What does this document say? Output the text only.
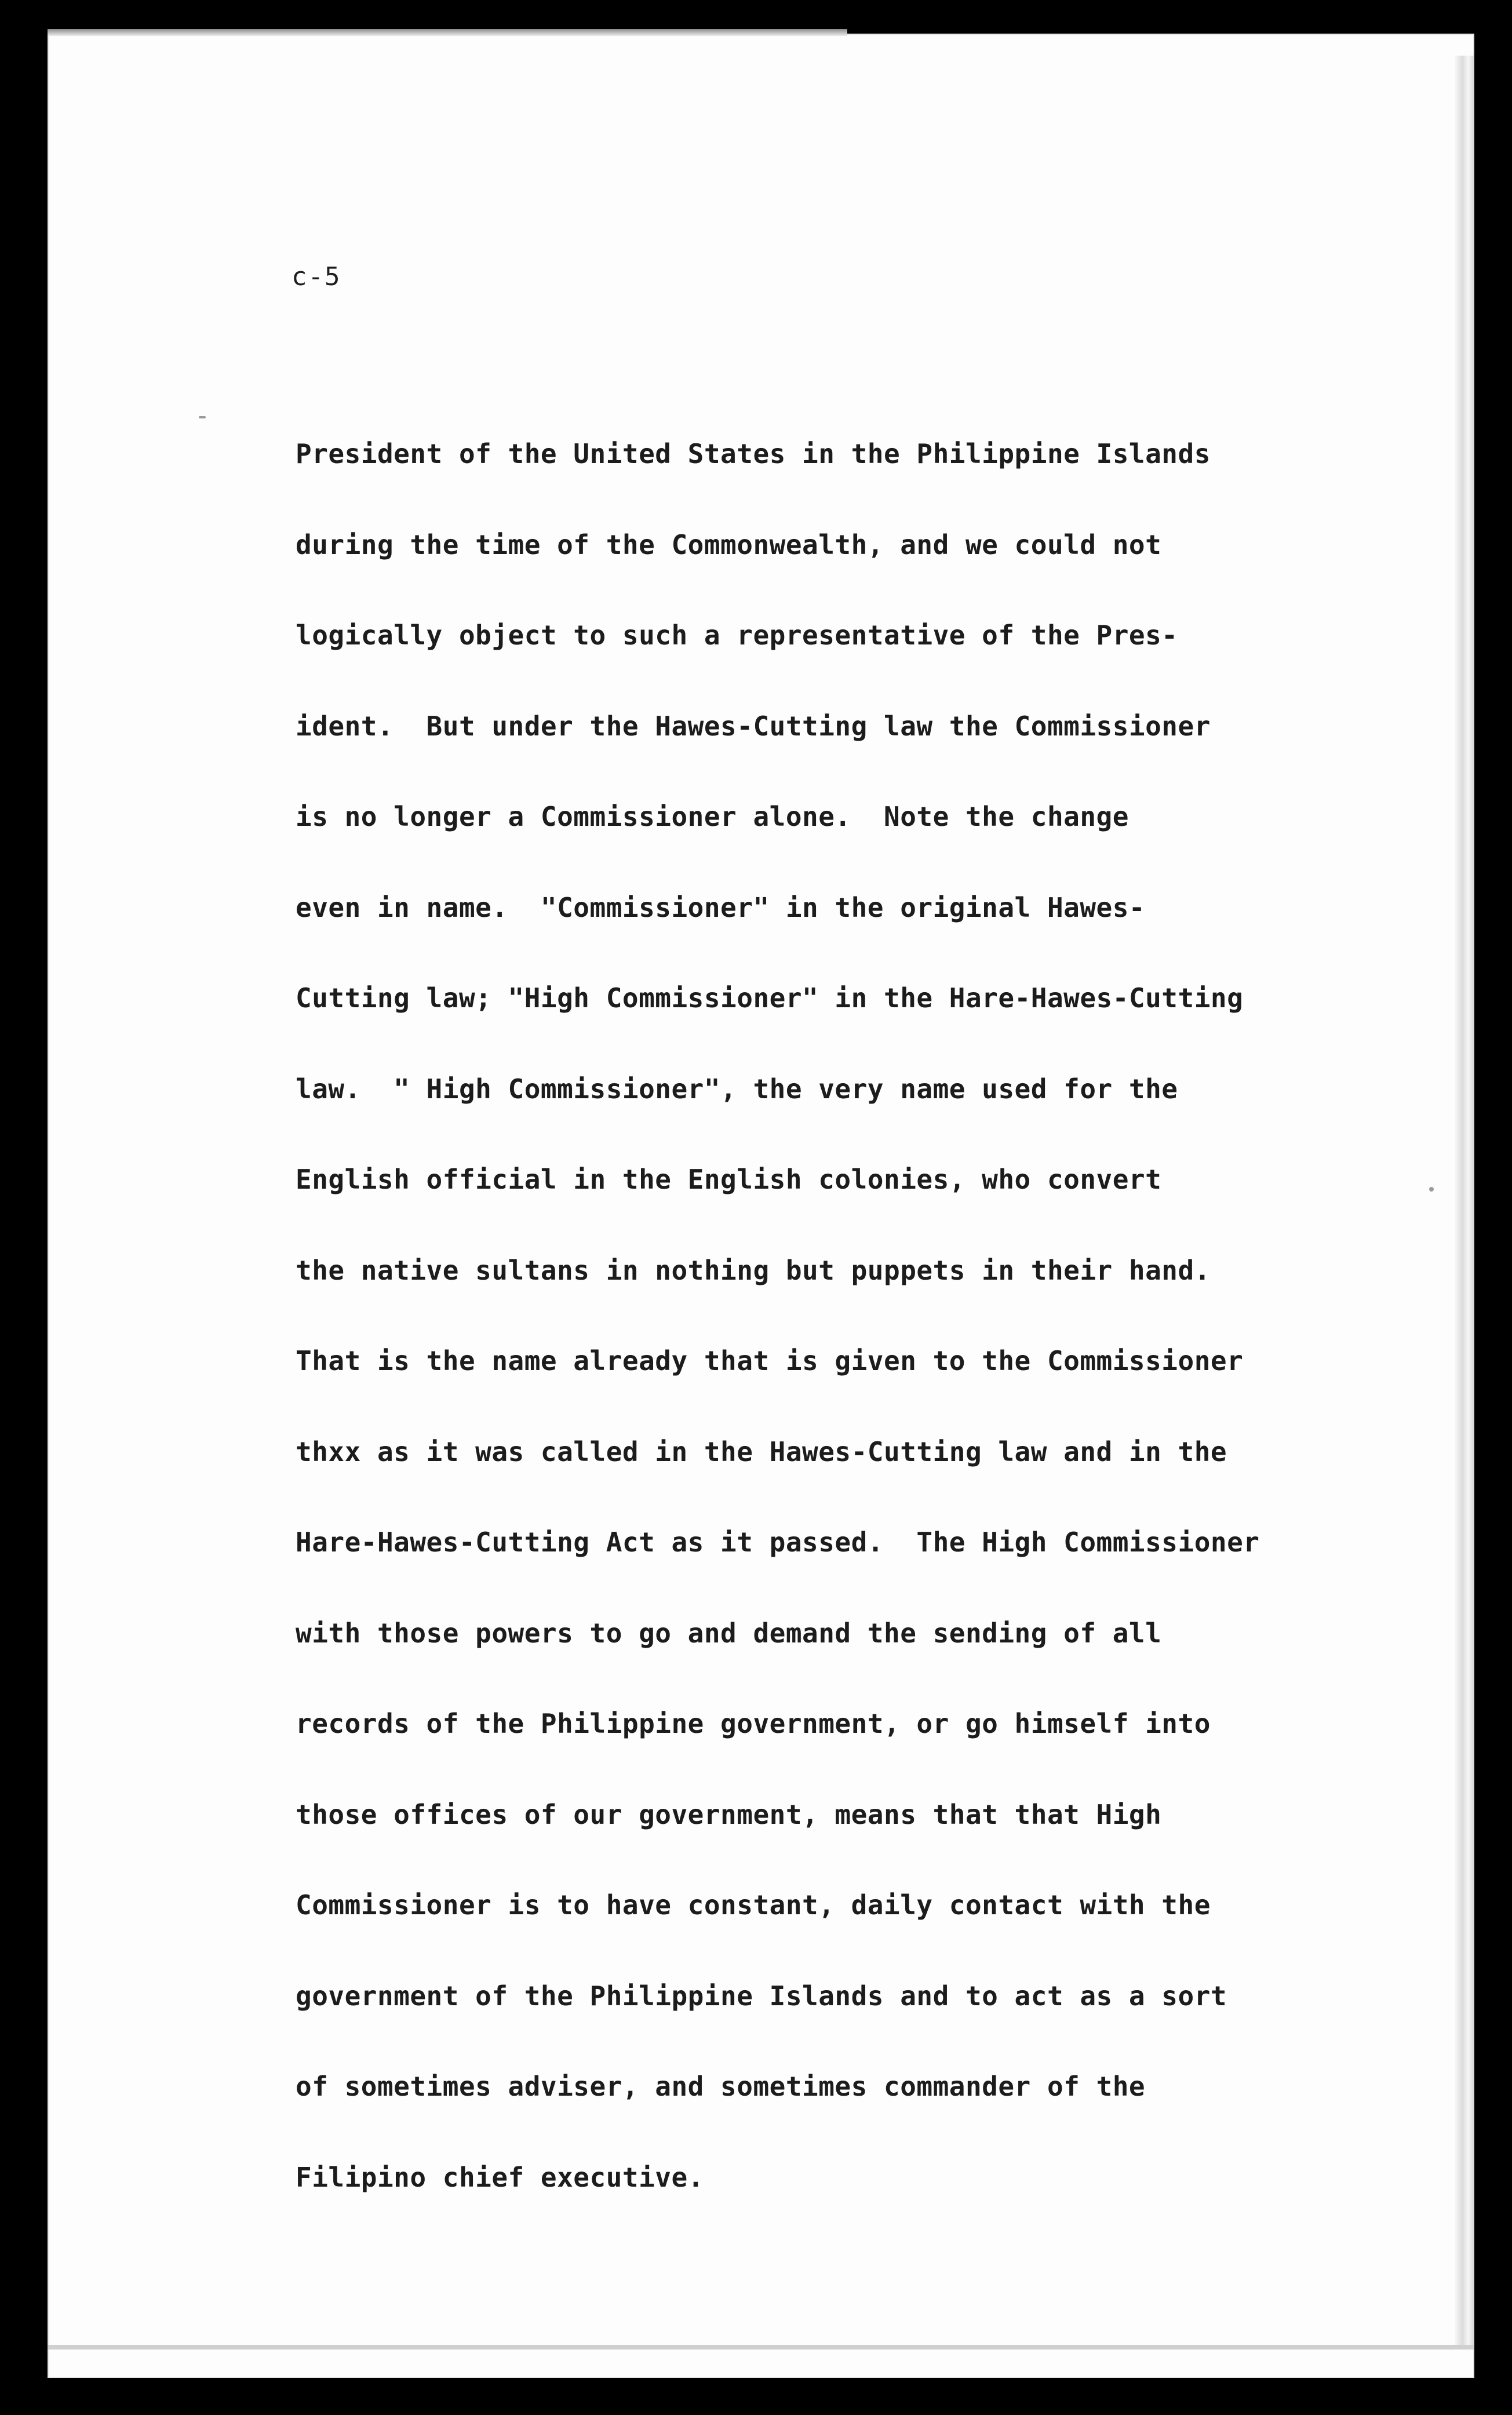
c-5
President of the United States in the Philippine Islands
during the time of the Commonwealth, and we could not
logically object to such a representative of the Pres-
ident.  But under the Hawes-Cutting law the Commissioner
is no longer a Commissioner alone.  Note the change
even in name.  "Commissioner" in the original Hawes-
Cutting law; "High Commissioner" in the Hare-Hawes-Cutting
law.  " High Commissioner", the very name used for the
English official in the English colonies, who convert
the native sultans in nothing but puppets in their hand.
That is the name already that is given to the Commissioner
thxx as it was called in the Hawes-Cutting law and in the
Hare-Hawes-Cutting Act as it passed.  The High Commissioner
with those powers to go and demand the sending of all
records of the Philippine government, or go himself into
those offices of our government, means that that High
Commissioner is to have constant, daily contact with the
government of the Philippine Islands and to act as a sort
of sometimes adviser, and sometimes commander of the
Filipino chief executive.
